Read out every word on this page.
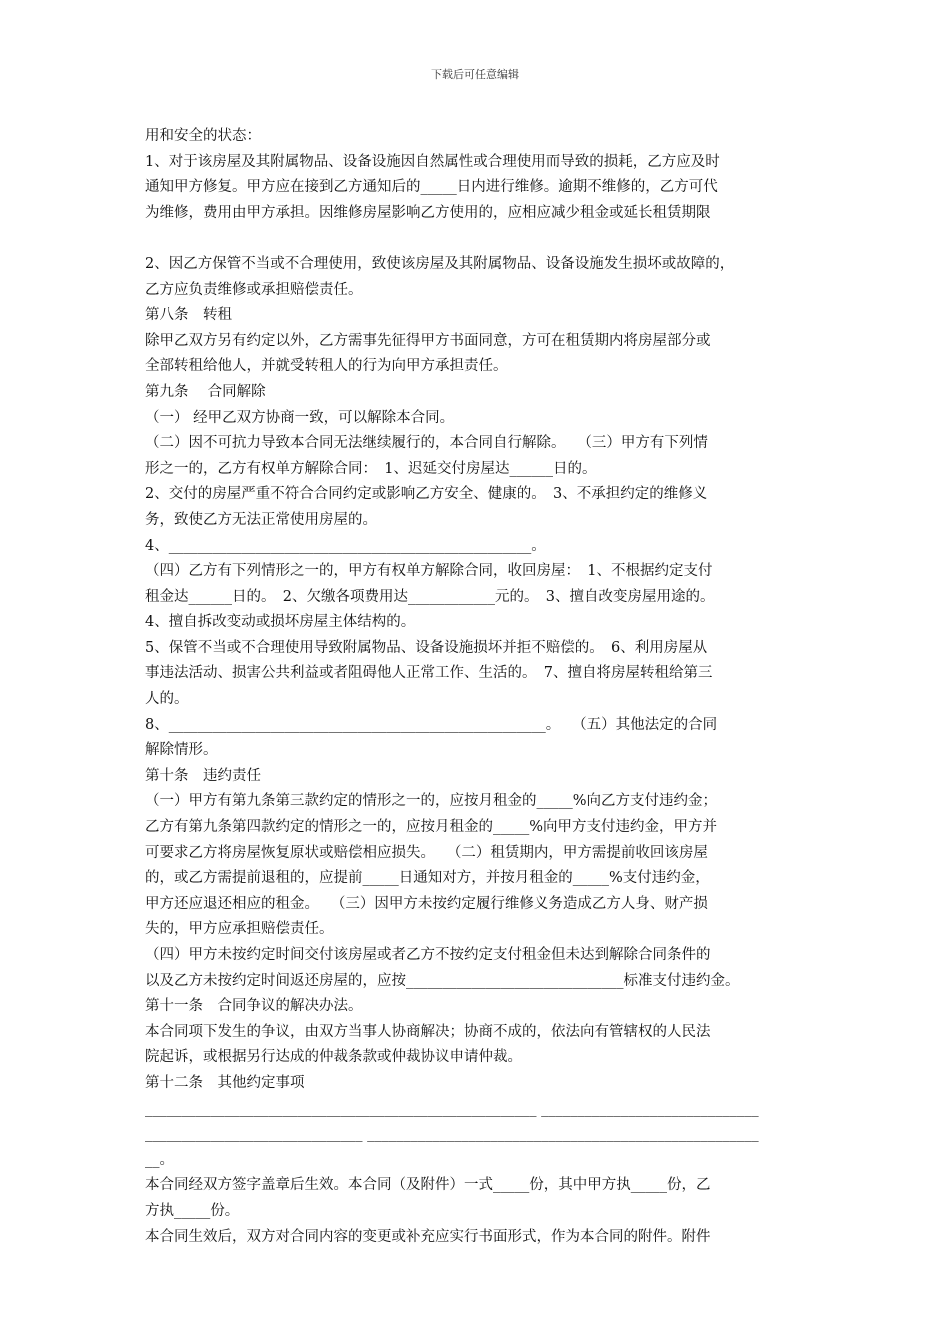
下载后可任意编辑
用和安全的状态：
1、对于该房屋及其附属物品、设备设施因自然属性或合理使用而导致的损耗，乙方应及时
通知甲方修复。甲方应在接到乙方通知后的_____日内进行维修。逾期不维修的，乙方可代
为维修，费用由甲方承担。因维修房屋影响乙方使用的，应相应减少租金或延长租赁期限
2、因乙方保管不当或不合理使用，致使该房屋及其附属物品、设备设施发生损坏或故障的，
乙方应负责维修或承担赔偿责任。
第八条　转租
除甲乙双方另有约定以外，乙方需事先征得甲方书面同意，方可在租赁期内将房屋部分或
全部转租给他人，并就受转租人的行为向甲方承担责任。
第九条　 合同解除
（一） 经甲乙双方协商一致，可以解除本合同。
（二）因不可抗力导致本合同无法继续履行的，本合同自行解除。　 （三）甲方有下列情
形之一的，乙方有权单方解除合同：　1、迟延交付房屋达______日的。
2、交付的房屋严重不符合合同约定或影响乙方安全、健康的。　3、不承担约定的维修义
务，致使乙方无法正常使用房屋的。
4、__________________________________________________。
（四）乙方有下列情形之一的，甲方有权单方解除合同，收回房屋：　1、不根据约定支付
租金达______日的。　2、欠缴各项费用达____________元的。　3、擅自改变房屋用途的。
4、擅自拆改变动或损坏房屋主体结构的。
5、保管不当或不合理使用导致附属物品、设备设施损坏并拒不赔偿的。　6、利用房屋从
事违法活动、损害公共利益或者阻碍他人正常工作、生活的。　7、擅自将房屋转租给第三
人的。
8、____________________________________________________。　 （五）其他法定的合同
解除情形。
第十条　违约责任
（一）甲方有第九条第三款约定的情形之一的，应按月租金的_____%向乙方支付违约金；
乙方有第九条第四款约定的情形之一的，应按月租金的_____%向甲方支付违约金，甲方并
可要求乙方将房屋恢复原状或赔偿相应损失。　 （二）租赁期内，甲方需提前收回该房屋
的，或乙方需提前退租的，应提前_____日通知对方，并按月租金的_____%支付违约金，
甲方还应退还相应的租金。　 （三）因甲方未按约定履行维修义务造成乙方人身、财产损
失的，甲方应承担赔偿责任。
（四）甲方未按约定时间交付该房屋或者乙方不按约定支付租金但未达到解除合同条件的
以及乙方未按约定时间返还房屋的，应按______________________________标准支付违约金。
第十一条　合同争议的解决办法。
本合同项下发生的争议，由双方当事人协商解决；协商不成的，依法向有管辖权的人民法
院起诉，或根据另行达成的仲裁条款或仲裁协议申请仲裁。
第十二条　其他约定事项
______________________________________________________ ______________________________
______________________________ ______________________________________________________
__。
本合同经双方签字盖章后生效。本合同（及附件）一式_____份，其中甲方执_____份，乙
方执_____份。
本合同生效后，双方对合同内容的变更或补充应实行书面形式，作为本合同的附件。附件
